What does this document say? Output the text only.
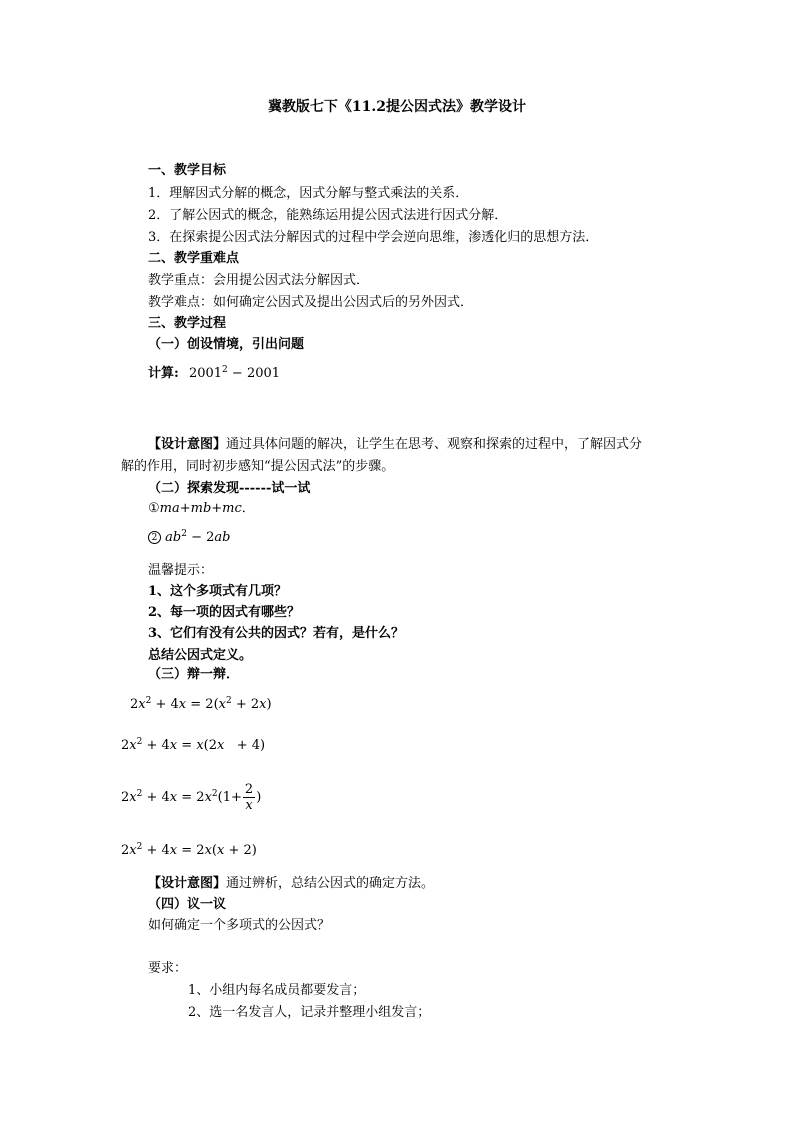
冀教版七下《11.2提公因式法》教学设计
一、教学目标
1．理解因式分解的概念，因式分解与整式乘法的关系．
2．了解公因式的概念，能熟练运用提公因式法进行因式分解．
3．在探索提公因式法分解因式的过程中学会逆向思维，渗透化归的思想方法．
二、教学重难点
教学重点：会用提公因式法分解因式．
教学难点：如何确定公因式及提出公因式后的另外因式．
三、教学过程
（一）创设情境，引出问题
计算: $2001^2 - 2001$
【设计意图】通过具体问题的解决，让学生在思考、观察和探索的过程中，了解因式分
解的作用，同时初步感知“提公因式法”的步骤。
（二）探索发现------试一试
①ma+mb+mc．
2 $ab^2 - 2ab$
温馨提示：
1、这个多项式有几项？
2、每一项的因式有哪些？
3、它们有没有公共的因式？若有，是什么？
总结公因式定义。
（三）辩一辩．
$2x^2 + 4x = 2(x^2 + 2x)$
$2x^2 + 4x = x(2x + 4)$
$2x^2 + 4x = 2x^2(1+ \frac{2}{x}$ )
$2x^2 + 4x = 2x(x + 2)$
【设计意图】通过辨析，总结公因式的确定方法。
（四）议一议
如何确定一个多项式的公因式？
要求：
1、小组内每名成员都要发言；
2、选一名发言人，记录并整理小组发言；
